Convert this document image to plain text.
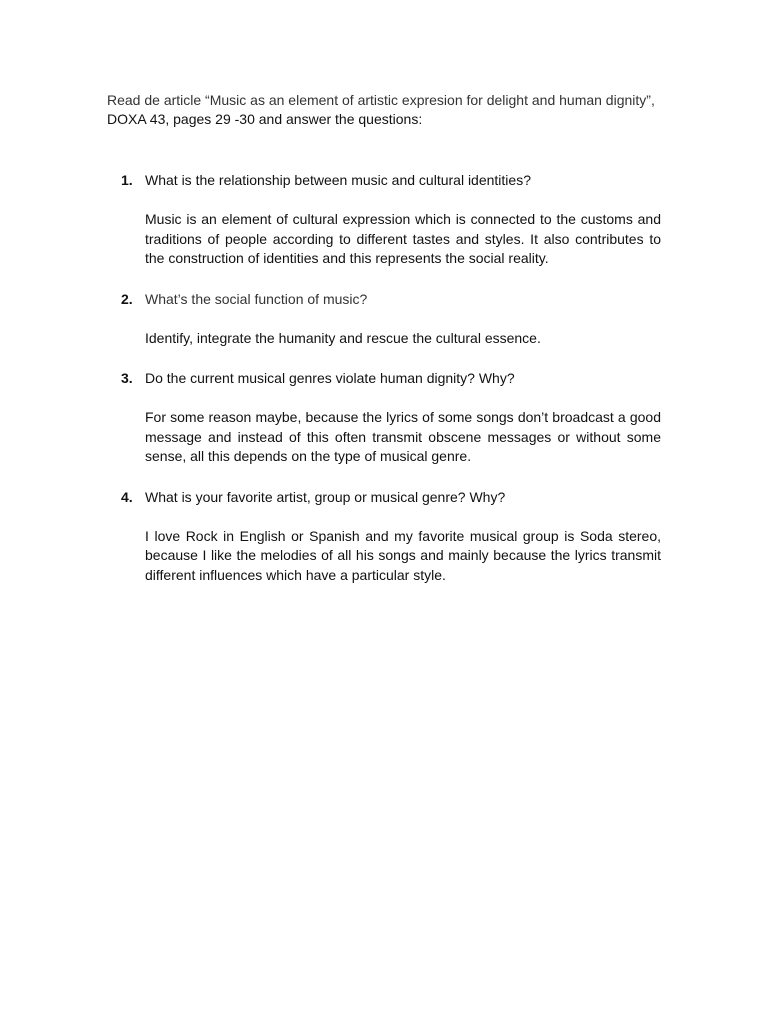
Read de article “Music as an element of artistic expresion for delight and human dignity”,
DOXA 43, pages 29 -30 and answer the questions:
1. What is the relationship between music and cultural identities?

Music is an element of cultural expression which is connected to the customs and traditions of people according to different tastes and styles. It also contributes to the construction of identities and this represents the social reality.

2. What’s the social function of music?

Identify, integrate the humanity and rescue the cultural essence.

3. Do the current musical genres violate human dignity? Why?

For some reason maybe, because the lyrics of some songs don’t broadcast a good message and instead of this often transmit obscene messages or without some sense, all this depends on the type of musical genre.

4. What is your favorite artist, group or musical genre? Why?

I love Rock in English or Spanish and my favorite musical group is Soda stereo, because I like the melodies of all his songs and mainly because the lyrics transmit different influences which have a particular style.
